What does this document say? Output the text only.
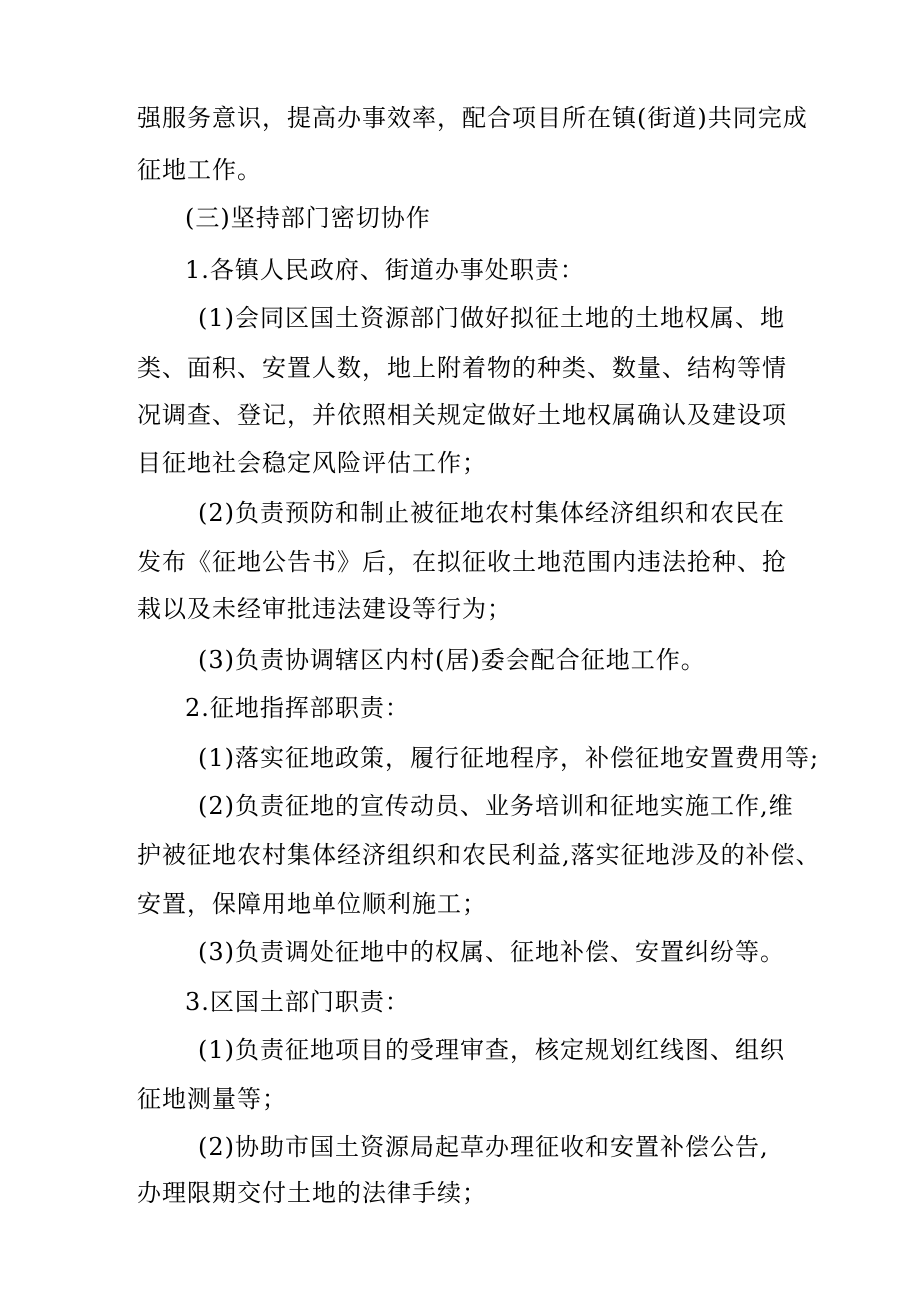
强服务意识，提高办事效率，配合项目所在镇(街道)共同完成
征地工作。
(三)坚持部门密切协作
1.各镇人民政府、街道办事处职责：
(1)会同区国土资源部门做好拟征土地的土地权属、地
类、面积、安置人数，地上附着物的种类、数量、结构等情
况调查、登记，并依照相关规定做好土地权属确认及建设项
目征地社会稳定风险评估工作；
(2)负责预防和制止被征地农村集体经济组织和农民在
发布《征地公告书》后，在拟征收土地范围内违法抢种、抢
栽以及未经审批违法建设等行为；
(3)负责协调辖区内村(居)委会配合征地工作。
2.征地指挥部职责：
(1)落实征地政策，履行征地程序，补偿征地安置费用等;
(2)负责征地的宣传动员、业务培训和征地实施工作,维
护被征地农村集体经济组织和农民利益,落实征地涉及的补偿、
安置，保障用地单位顺利施工；
(3)负责调处征地中的权属、征地补偿、安置纠纷等。
3.区国土部门职责：
(1)负责征地项目的受理审查，核定规划红线图、组织
征地测量等；
(2)协助市国土资源局起草办理征收和安置补偿公告,
办理限期交付土地的法律手续；
